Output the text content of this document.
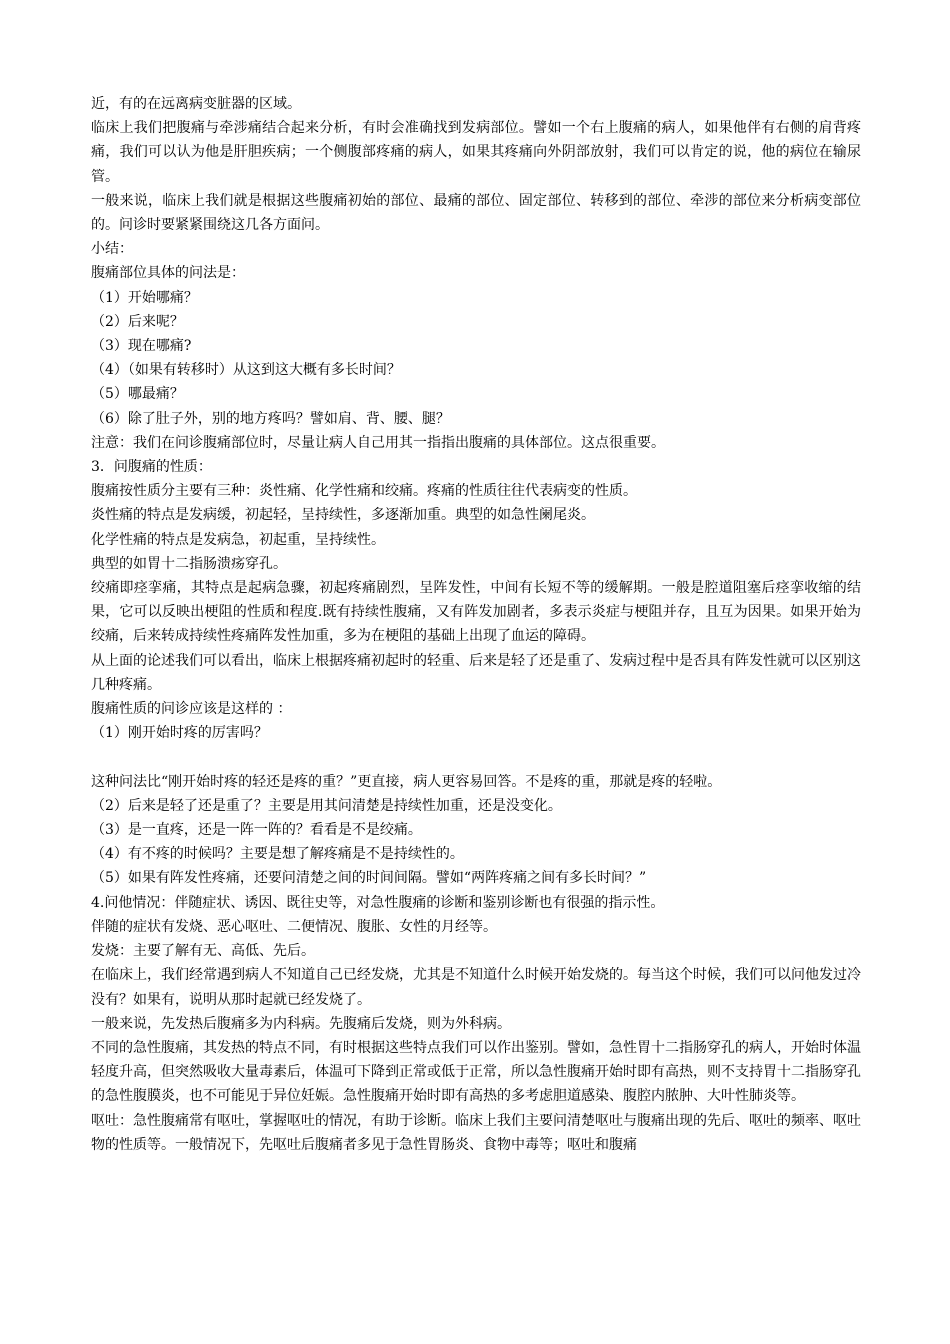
近，有的在远离病变脏器的区域。

临床上我们把腹痛与牵涉痛结合起来分析，有时会准确找到发病部位。譬如一个右上腹痛的病人，如果他伴有右侧的肩背疼痛，我们可以认为他是肝胆疾病；一个侧腹部疼痛的病人，如果其疼痛向外阴部放射，我们可以肯定的说，他的病位在输尿管。

一般来说，临床上我们就是根据这些腹痛初始的部位、最痛的部位、固定部位、转移到的部位、牵涉的部位来分析病变部位的。问诊时要紧紧围绕这几各方面问。

小结：

腹痛部位具体的问法是：

（1）开始哪痛？

（2）后来呢？

（3）现在哪痛?

（4）（如果有转移时）从这到这大概有多长时间？

（5）哪最痛？

（6）除了肚子外，别的地方疼吗？譬如肩、背、腰、腿？

注意：我们在问诊腹痛部位时，尽量让病人自己用其一指指出腹痛的具体部位。这点很重要。

3．问腹痛的性质：

腹痛按性质分主要有三种：炎性痛、化学性痛和绞痛。疼痛的性质往往代表病变的性质。

炎性痛的特点是发病缓，初起轻，呈持续性，多逐渐加重。典型的如急性阑尾炎。

化学性痛的特点是发病急，初起重，呈持续性。

典型的如胃十二指肠溃疡穿孔。

绞痛即痉挛痛，其特点是起病急骤，初起疼痛剧烈，呈阵发性，中间有长短不等的缓解期。一般是腔道阻塞后痉挛收缩的结果，它可以反映出梗阻的性质和程度.既有持续性腹痛，又有阵发加剧者，多表示炎症与梗阻并存，且互为因果。如果开始为绞痛，后来转成持续性疼痛阵发性加重，多为在梗阻的基础上出现了血运的障碍。

从上面的论述我们可以看出，临床上根据疼痛初起时的轻重、后来是轻了还是重了、发病过程中是否具有阵发性就可以区别这几种疼痛。

腹痛性质的问诊应该是这样的 ：

（1）刚开始时疼的厉害吗？

这种问法比“刚开始时疼的轻还是疼的重？”更直接，病人更容易回答。不是疼的重，那就是疼的轻啦。

（2）后来是轻了还是重了？主要是用其问清楚是持续性加重，还是没变化。

（3）是一直疼，还是一阵一阵的？看看是不是绞痛。

（4）有不疼的时候吗？主要是想了解疼痛是不是持续性的。

（5）如果有阵发性疼痛，还要问清楚之间的时间间隔。譬如“两阵疼痛之间有多长时间？”

4.问他情况：伴随症状、诱因、既往史等，对急性腹痛的诊断和鉴别诊断也有很强的指示性。

伴随的症状有发烧、恶心呕吐、二便情况、腹胀、女性的月经等。

发烧：主要了解有无、高低、先后。

在临床上，我们经常遇到病人不知道自己已经发烧，尤其是不知道什么时候开始发烧的。每当这个时候，我们可以问他发过冷没有？如果有，说明从那时起就已经发烧了。

一般来说，先发热后腹痛多为内科病。先腹痛后发烧，则为外科病。

不同的急性腹痛，其发热的特点不同，有时根据这些特点我们可以作出鉴别。譬如，急性胃十二指肠穿孔的病人，开始时体温轻度升高，但突然吸收大量毒素后，体温可下降到正常或低于正常，所以急性腹痛开始时即有高热，则不支持胃十二指肠穿孔的急性腹膜炎，也不可能见于异位妊娠。急性腹痛开始时即有高热的多考虑胆道感染、腹腔内脓肿、大叶性肺炎等。

呕吐：急性腹痛常有呕吐，掌握呕吐的情况，有助于诊断。临床上我们主要问清楚呕吐与腹痛出现的先后、呕吐的频率、呕吐物的性质等。一般情况下，先呕吐后腹痛者多见于急性胃肠炎、食物中毒等；呕吐和腹痛
